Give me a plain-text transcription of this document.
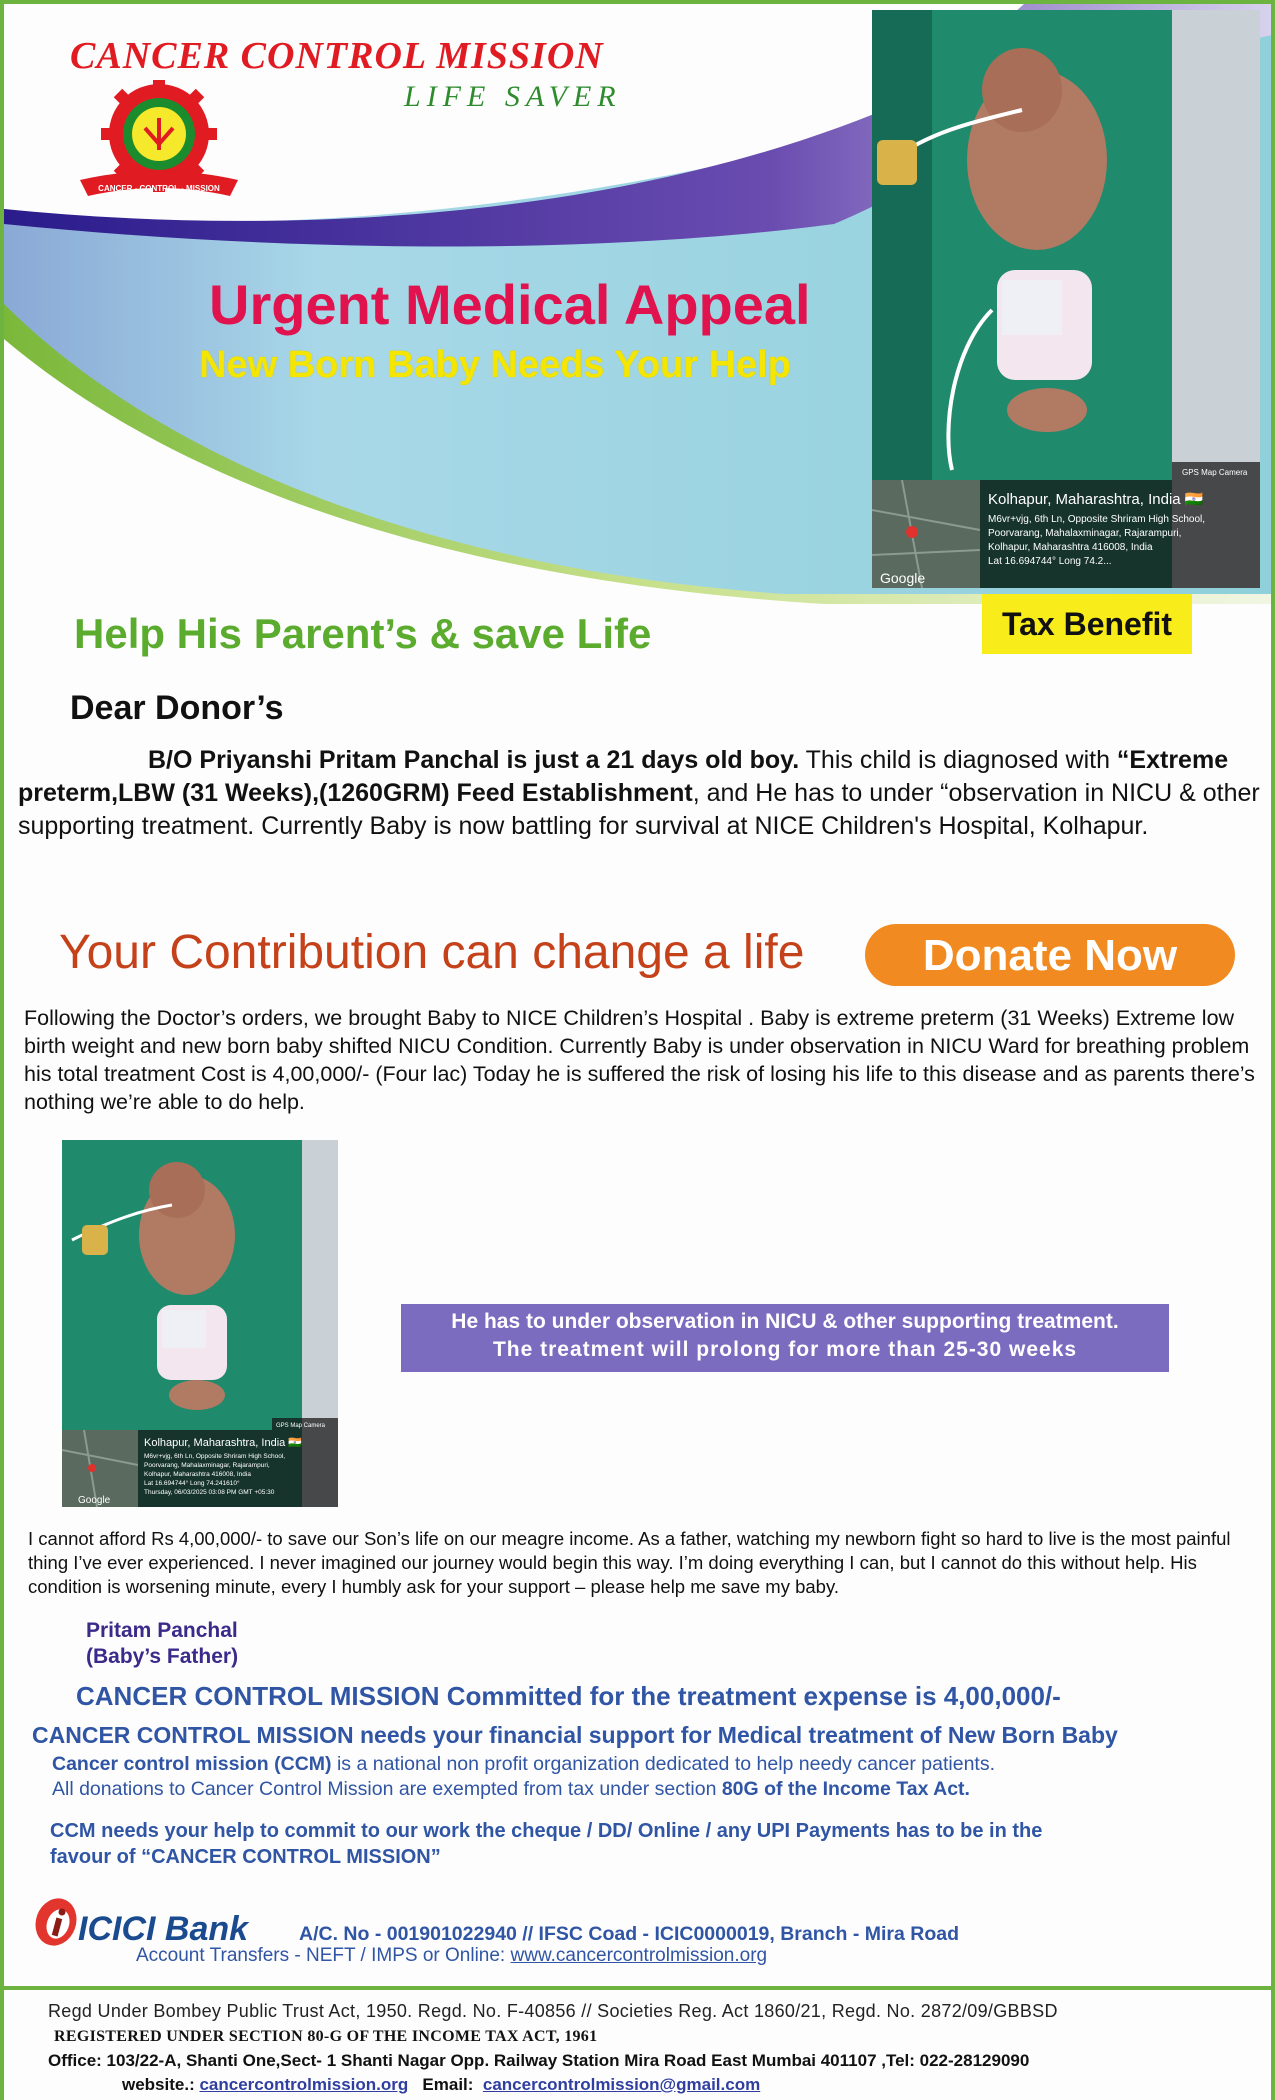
CANCER CONTROL MISSION
LIFE SAVER
CANCER - CONTROL - MISSION
Urgent Medical Appeal
New Born Baby Needs Your Help
Google
GPS Map Camera
Kolhapur, Maharashtra, India 🇮🇳
M6vr+vjg, 6th Ln, Opposite Shriram High School,
Poorvarang, Mahalaxminagar, Rajarampuri,
Kolhapur, Maharashtra 416008, India
Lat 16.694744° Long 74.2...
Help His Parent’s & save Life	Tax Benefit
Dear Donor’s
B/O Priyanshi Pritam Panchal is just a 21 days old boy. This child is diagnosed with “Extreme preterm,LBW (31 Weeks),(1260GRM) Feed Establishment, and He has to under “observation in NICU & other supporting treatment. Currently Baby is now battling for survival at NICE Children's Hospital, Kolhapur.
Your Contribution can change a life	Donate Now
Following the Doctor’s orders, we brought Baby to NICE Children’s Hospital . Baby is extreme preterm (31 Weeks) Extreme low birth weight and new born baby shifted NICU Condition. Currently Baby is under observation in NICU Ward for breathing problem his total treatment Cost is 4,00,000/- (Four lac) Today he is suffered the risk of losing his life to this disease and as parents there’s nothing we’re able to do help.
Google
GPS Map Camera
Kolhapur, Maharashtra, India 🇮🇳
M6vr+vjg, 6th Ln, Opposite Shriram High School,
Poorvarang, Mahalaxminagar, Rajarampuri,
Kolhapur, Maharashtra 416008, India
Lat 16.694744° Long 74.241610°
Thursday, 06/03/2025 03:08 PM GMT +05:30
He has to under observation in NICU & other supporting treatment.
The treatment will prolong for more than 25-30 weeks
I cannot afford Rs 4,00,000/- to save our Son’s life on our meagre income. As a father, watching my newborn fight so hard to live is the most painful thing I’ve ever experienced. I never imagined our journey would begin this way. I’m doing everything I can, but I cannot do this without help. His condition is worsening minute, every I humbly ask for your support – please help me save my baby.
Pritam Panchal
(Baby’s Father)
CANCER CONTROL MISSION Committed for the treatment expense is 4,00,000/-
CANCER CONTROL MISSION needs your financial support for Medical treatment of New Born Baby
Cancer control mission (CCM) is a national non profit organization dedicated to help needy cancer patients.
All donations to Cancer Control Mission are exempted from tax under section 80G of the Income Tax Act.
CCM needs your help to commit to our work the cheque / DD/ Online / any UPI Payments has to be in the
favour of “CANCER CONTROL MISSION”
ICICI Bank	A/C. No - 001901022940 // IFSC Coad - ICIC0000019, Branch - Mira Road
Account Transfers - NEFT / IMPS or Online: www.cancercontrolmission.org
Regd Under Bombey Public Trust Act, 1950. Regd. No. F-40856 // Societies Reg. Act 1860/21, Regd. No. 2872/09/GBBSD
REGISTERED UNDER SECTION 80-G OF THE INCOME TAX ACT, 1961
Office: 103/22-A, Shanti One,Sect- 1 Shanti Nagar Opp. Railway Station Mira Road East Mumbai 401107 ,Tel: 022-28129090
website.: cancercontrolmission.org   Email:  cancercontrolmission@gmail.com
